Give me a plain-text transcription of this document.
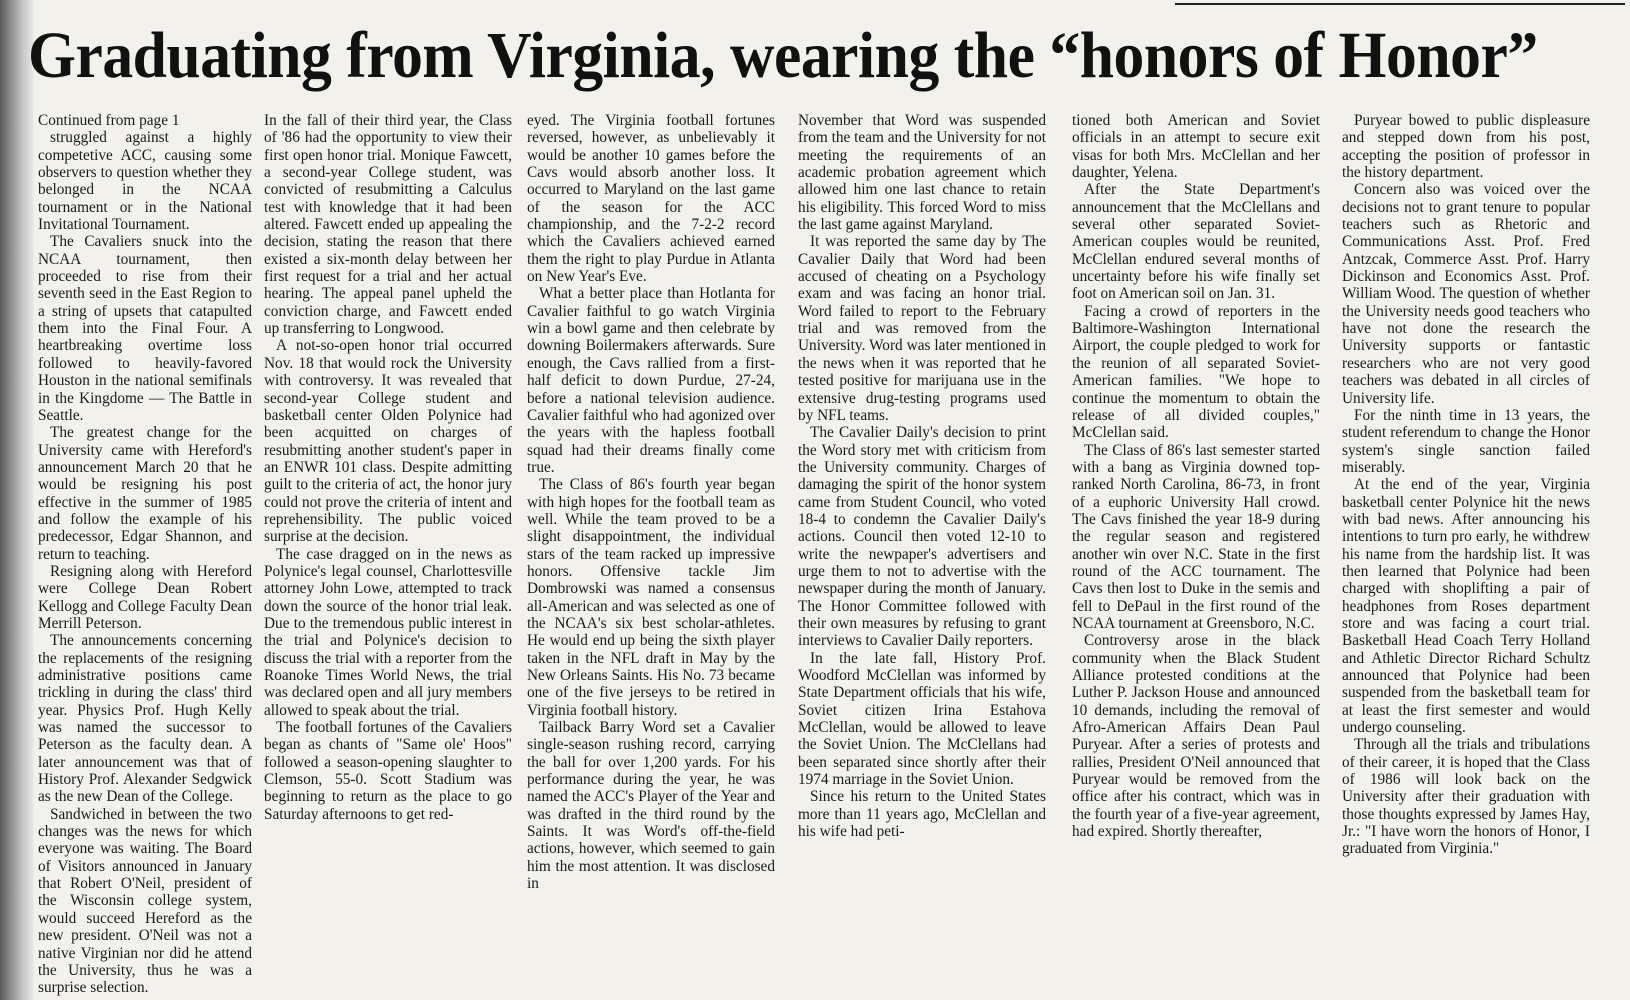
Graduating from Virginia, wearing the “honors of Honor”

Continued from page 1

struggled against a highly competetive ACC, causing some observers to question whether they belonged in the NCAA tournament or in the National Invitational Tournament.

The Cavaliers snuck into the NCAA tournament, then proceeded to rise from their seventh seed in the East Region to a string of upsets that catapulted them into the Final Four. A heartbreaking overtime loss followed to heavily-favored Houston in the national semifinals in the Kingdome — The Battle in Seattle.

The greatest change for the University came with Hereford's announcement March 20 that he would be resigning his post effective in the summer of 1985 and follow the example of his predecessor, Edgar Shannon, and return to teaching.

Resigning along with Hereford were College Dean Robert Kellogg and College Faculty Dean Merrill Peterson.

The announcements concerning the replacements of the resigning administrative positions came trickling in during the class' third year. Physics Prof. Hugh Kelly was named the successor to Peterson as the faculty dean. A later announcement was that of History Prof. Alexander Sedgwick as the new Dean of the College.

Sandwiched in between the two changes was the news for which everyone was waiting. The Board of Visitors announced in January that Robert O'Neil, president of the Wisconsin college system, would succeed Hereford as the new president. O'Neil was not a native Virginian nor did he attend the University, thus he was a surprise selection.

In the fall of their third year, the Class of '86 had the opportunity to view their first open honor trial. Monique Fawcett, a second-year College student, was convicted of resubmitting a Calculus test with knowledge that it had been altered. Fawcett ended up appealing the decision, stating the reason that there existed a six-month delay between her first request for a trial and her actual hearing. The appeal panel upheld the conviction charge, and Fawcett ended up transferring to Longwood.

A not-so-open honor trial occurred Nov. 18 that would rock the University with controversy. It was revealed that second-year College student and basketball center Olden Polynice had been acquitted on charges of resubmitting another student's paper in an ENWR 101 class. Despite admitting guilt to the criteria of act, the honor jury could not prove the criteria of intent and reprehensibility. The public voiced surprise at the decision.

The case dragged on in the news as Polynice's legal counsel, Charlottesville attorney John Lowe, attempted to track down the source of the honor trial leak. Due to the tremendous public interest in the trial and Polynice's decision to discuss the trial with a reporter from the Roanoke Times World News, the trial was declared open and all jury members allowed to speak about the trial.

The football fortunes of the Cavaliers began as chants of "Same ole' Hoos" followed a season-opening slaughter to Clemson, 55-0. Scott Stadium was beginning to return as the place to go Saturday afternoons to get red-

eyed. The Virginia football fortunes reversed, however, as unbelievably it would be another 10 games before the Cavs would absorb another loss. It occurred to Maryland on the last game of the season for the ACC championship, and the 7-2-2 record which the Cavaliers achieved earned them the right to play Purdue in Atlanta on New Year's Eve.

What a better place than Hotlanta for Cavalier faithful to go watch Virginia win a bowl game and then celebrate by downing Boilermakers afterwards. Sure enough, the Cavs rallied from a first-half deficit to down Purdue, 27-24, before a national television audience. Cavalier faithful who had agonized over the years with the hapless football squad had their dreams finally come true.

The Class of 86's fourth year began with high hopes for the football team as well. While the team proved to be a slight disappointment, the individual stars of the team racked up impressive honors. Offensive tackle Jim Dombrowski was named a consensus all-American and was selected as one of the NCAA's six best scholar-athletes. He would end up being the sixth player taken in the NFL draft in May by the New Orleans Saints. His No. 73 became one of the five jerseys to be retired in Virginia football history.

Tailback Barry Word set a Cavalier single-season rushing record, carrying the ball for over 1,200 yards. For his performance during the year, he was named the ACC's Player of the Year and was drafted in the third round by the Saints. It was Word's off-the-field actions, however, which seemed to gain him the most attention. It was disclosed in

November that Word was suspended from the team and the University for not meeting the requirements of an academic probation agreement which allowed him one last chance to retain his eligibility. This forced Word to miss the last game against Maryland.

It was reported the same day by The Cavalier Daily that Word had been accused of cheating on a Psychology exam and was facing an honor trial. Word failed to report to the February trial and was removed from the University. Word was later mentioned in the news when it was reported that he tested positive for marijuana use in the extensive drug-testing programs used by NFL teams.

The Cavalier Daily's decision to print the Word story met with criticism from the University community. Charges of damaging the spirit of the honor system came from Student Council, who voted 18-4 to condemn the Cavalier Daily's actions. Council then voted 12-10 to write the newpaper's advertisers and urge them to not to advertise with the newspaper during the month of January. The Honor Committee followed with their own measures by refusing to grant interviews to Cavalier Daily reporters.

In the late fall, History Prof. Woodford McClellan was informed by State Department officials that his wife, Soviet citizen Irina Estahova McClellan, would be allowed to leave the Soviet Union. The McClellans had been separated since shortly after their 1974 marriage in the Soviet Union.

Since his return to the United States more than 11 years ago, McClellan and his wife had peti-

tioned both American and Soviet officials in an attempt to secure exit visas for both Mrs. McClellan and her daughter, Yelena.

After the State Department's announcement that the McClellans and several other separated Soviet-American couples would be reunited, McClellan endured several months of uncertainty before his wife finally set foot on American soil on Jan. 31.

Facing a crowd of reporters in the Baltimore-Washington International Airport, the couple pledged to work for the reunion of all separated Soviet-American families. "We hope to continue the momentum to obtain the release of all divided couples," McClellan said.

The Class of 86's last semester started with a bang as Virginia downed top-ranked North Carolina, 86-73, in front of a euphoric University Hall crowd. The Cavs finished the year 18-9 during the regular season and registered another win over N.C. State in the first round of the ACC tournament. The Cavs then lost to Duke in the semis and fell to DePaul in the first round of the NCAA tournament at Greensboro, N.C.

Controversy arose in the black community when the Black Student Alliance protested conditions at the Luther P. Jackson House and announced 10 demands, including the removal of Afro-American Affairs Dean Paul Puryear. After a series of protests and rallies, President O'Neil announced that Puryear would be removed from the office after his contract, which was in the fourth year of a five-year agreement, had expired. Shortly thereafter,

Puryear bowed to public displeasure and stepped down from his post, accepting the position of professor in the history department.

Concern also was voiced over the decisions not to grant tenure to popular teachers such as Rhetoric and Communications Asst. Prof. Fred Antzcak, Commerce Asst. Prof. Harry Dickinson and Economics Asst. Prof. William Wood. The question of whether the University needs good teachers who have not done the research the University supports or fantastic researchers who are not very good teachers was debated in all circles of University life.

For the ninth time in 13 years, the student referendum to change the Honor system's single sanction failed miserably.

At the end of the year, Virginia basketball center Polynice hit the news with bad news. After announcing his intentions to turn pro early, he withdrew his name from the hardship list. It was then learned that Polynice had been charged with shoplifting a pair of headphones from Roses department store and was facing a court trial. Basketball Head Coach Terry Holland and Athletic Director Richard Schultz announced that Polynice had been suspended from the basketball team for at least the first semester and would undergo counseling.

Through all the trials and tribulations of their career, it is hoped that the Class of 1986 will look back on the University after their graduation with those thoughts expressed by James Hay, Jr.: "I have worn the honors of Honor, I graduated from Virginia."
